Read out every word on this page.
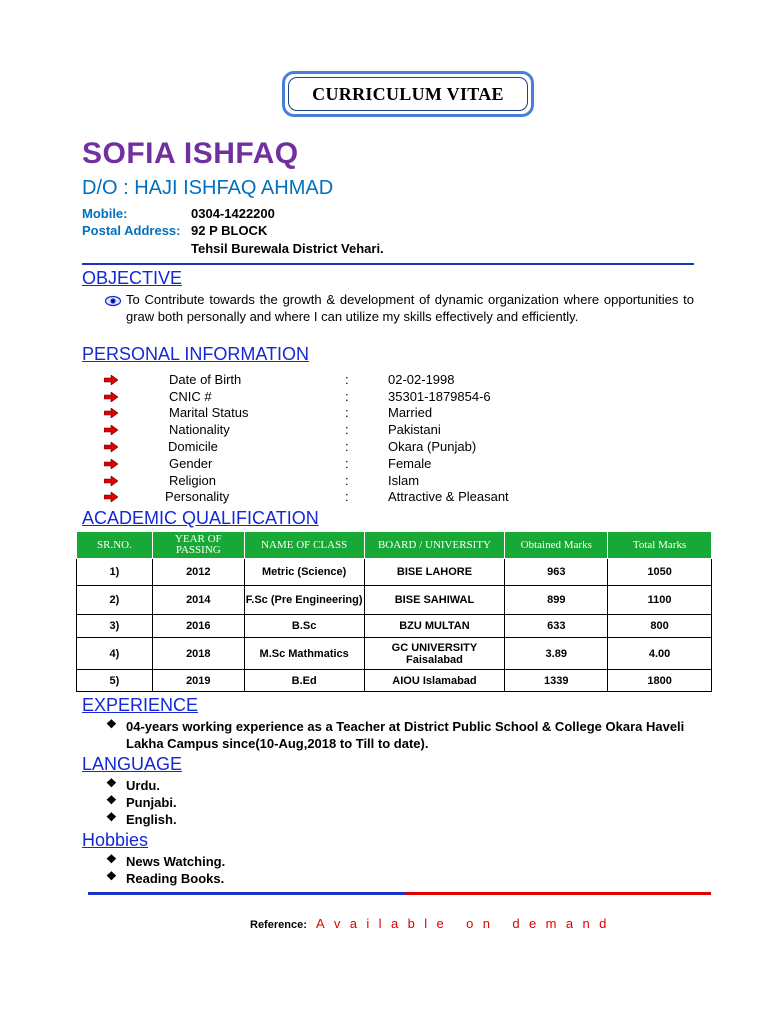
CURRICULUM VITAE
SOFIA ISHFAQ
D/O : HAJI ISHFAQ AHMAD
Mobile:	0304-1422200
Postal Address: 92 P BLOCK
Tehsil Burewala District Vehari.
OBJECTIVE
To Contribute towards the growth & development of dynamic organization where opportunities to graw both personally and where I can utilize my skills effectively and efficiently.
PERSONAL INFORMATION
Date of Birth	:	02-02-1998
CNIC #	:	35301-1879854-6
Marital Status	:	Married
Nationality	:	Pakistani
Domicile	:	Okara (Punjab)
Gender	:	Female
Religion	:	Islam
Personality	:	Attractive & Pleasant
ACADEMIC QUALIFICATION
SR.NO.	YEAR OF PASSING	NAME OF CLASS	BOARD / UNIVERSITY	Obtained Marks	Total Marks
1)	2012	Metric (Science)	BISE LAHORE	963	1050
2)	2014	F.Sc (Pre Engineering)	BISE SAHIWAL	899	1100
3)	2016	B.Sc	BZU MULTAN	633	800
4)	2018	M.Sc Mathmatics	GC UNIVERSITY Faisalabad	3.89	4.00
5)	2019	B.Ed	AIOU Islamabad	1339	1800
EXPERIENCE
❖ 04-years working experience as a Teacher at District Public School & College Okara Haveli
Lakha Campus since(10-Aug,2018 to Till to date).
LANGUAGE
❖ Urdu.
❖ Punjabi.
❖ English.
Hobbies
❖ News Watching.
❖ Reading Books.
Reference: Available on demand
